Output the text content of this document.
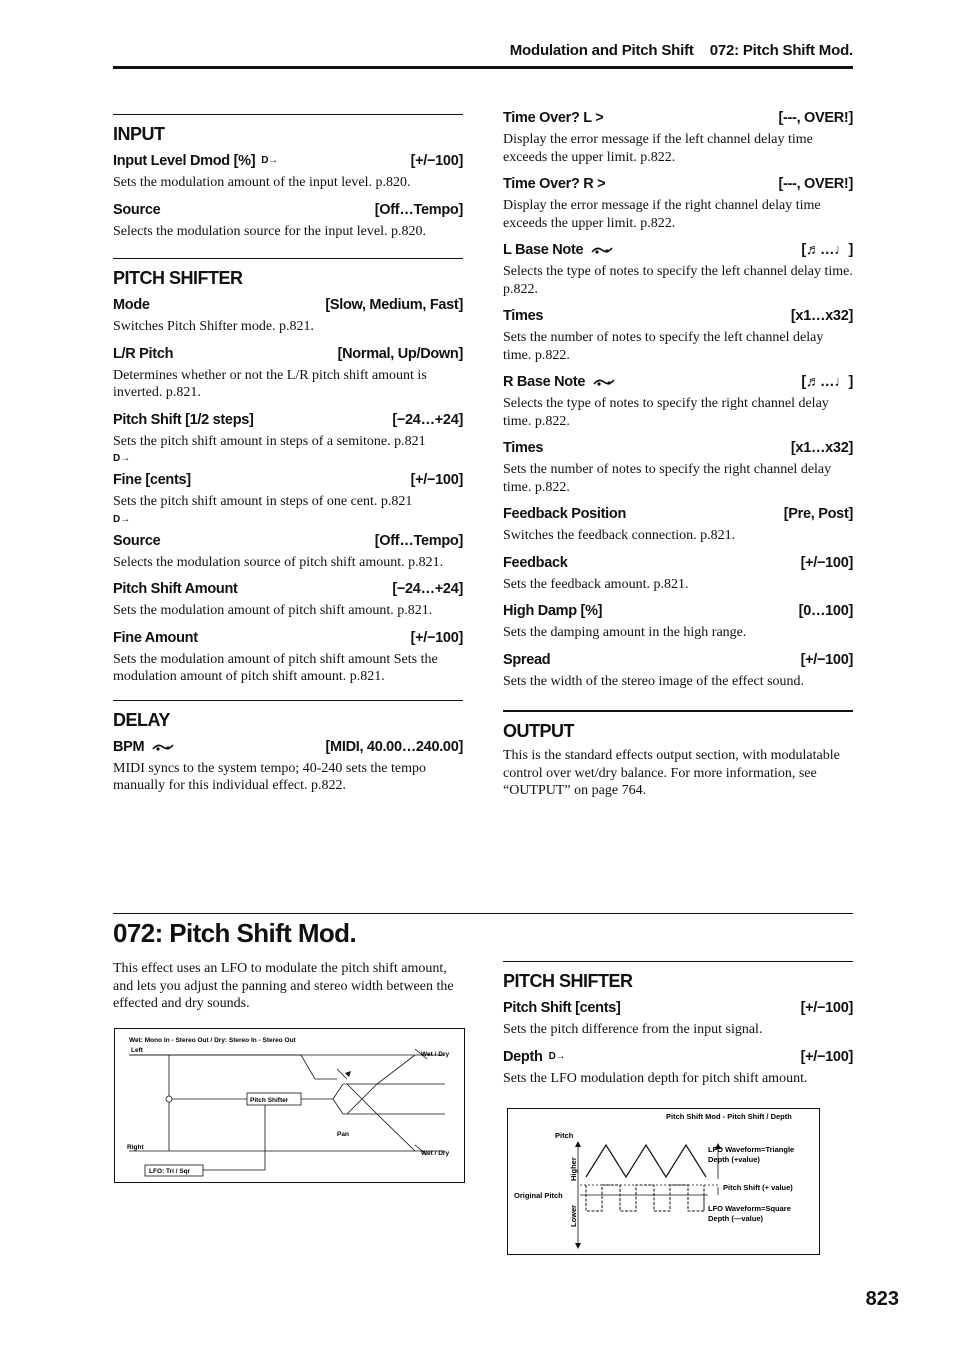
Modulation and Pitch Shift 072: Pitch Shift Mod.
INPUT
Input Level Dmod [%] D→	[+/−100]
Sets the modulation amount of the input level. p.820.
Source	[Off…Tempo]
Selects the modulation source for the input level. p.820.
PITCH SHIFTER
Mode	[Slow, Medium, Fast]
Switches Pitch Shifter mode. p.821.
L/R Pitch	[Normal, Up/Down]
Determines whether or not the L/R pitch shift amount is inverted. p.821.
Pitch Shift [1/2 steps]	[−24…+24]
Sets the pitch shift amount in steps of a semitone. p.821
D→
Fine [cents]	[+/−100]
Sets the pitch shift amount in steps of one cent. p.821
D→
Source	[Off…Tempo]
Selects the modulation source of pitch shift amount. p.821.
Pitch Shift Amount	[−24…+24]
Sets the modulation amount of pitch shift amount. p.821.
Fine Amount	[+/−100]
Sets the modulation amount of pitch shift amount Sets the modulation amount of pitch shift amount. p.821.
DELAY
BPM	[MIDI, 40.00…240.00]
MIDI syncs to the system tempo; 40-240 sets the tempo manually for this individual effect. p.822.
Time Over? L >	[---, OVER!]
Display the error message if the left channel delay time exceeds the upper limit. p.822.
Time Over? R >	[---, OVER!]
Display the error message if the right channel delay time exceeds the upper limit. p.822.
L Base Note	[♬…♩]
Selects the type of notes to specify the left channel delay time. p.822.
Times	[x1…x32]
Sets the number of notes to specify the left channel delay time. p.822.
R Base Note	[♬…♩]
Selects the type of notes to specify the right channel delay time. p.822.
Times	[x1…x32]
Sets the number of notes to specify the right channel delay time. p.822.
Feedback Position	[Pre, Post]
Switches the feedback connection. p.821.
Feedback	[+/−100]
Sets the feedback amount. p.821.
High Damp [%]	[0…100]
Sets the damping amount in the high range.
Spread	[+/−100]
Sets the width of the stereo image of the effect sound.
OUTPUT
This is the standard effects output section, with modulatable control over wet/dry balance. For more information, see “OUTPUT” on page 764.
072: Pitch Shift Mod.
This effect uses an LFO to modulate the pitch shift amount, and lets you adjust the panning and stereo width between the effected and dry sounds.
Wet: Mono In - Stereo Out / Dry: Stereo In - Stereo Out
Left
Right
Pitch Shifter
Pan
Wet / Dry
Wet / Dry
LFO: Tri / Sqr
PITCH SHIFTER
Pitch Shift [cents]	[+/−100]
Sets the pitch difference from the input signal.
Depth D→	[+/−100]
Sets the LFO modulation depth for pitch shift amount.
Pitch Shift Mod - Pitch Shift / Depth
Pitch
Original Pitch
Higher
Lower
LFO Waveform=Triangle
Depth (+value)
Pitch Shift (+ value)
LFO Waveform=Square
Depth (—value)
823
